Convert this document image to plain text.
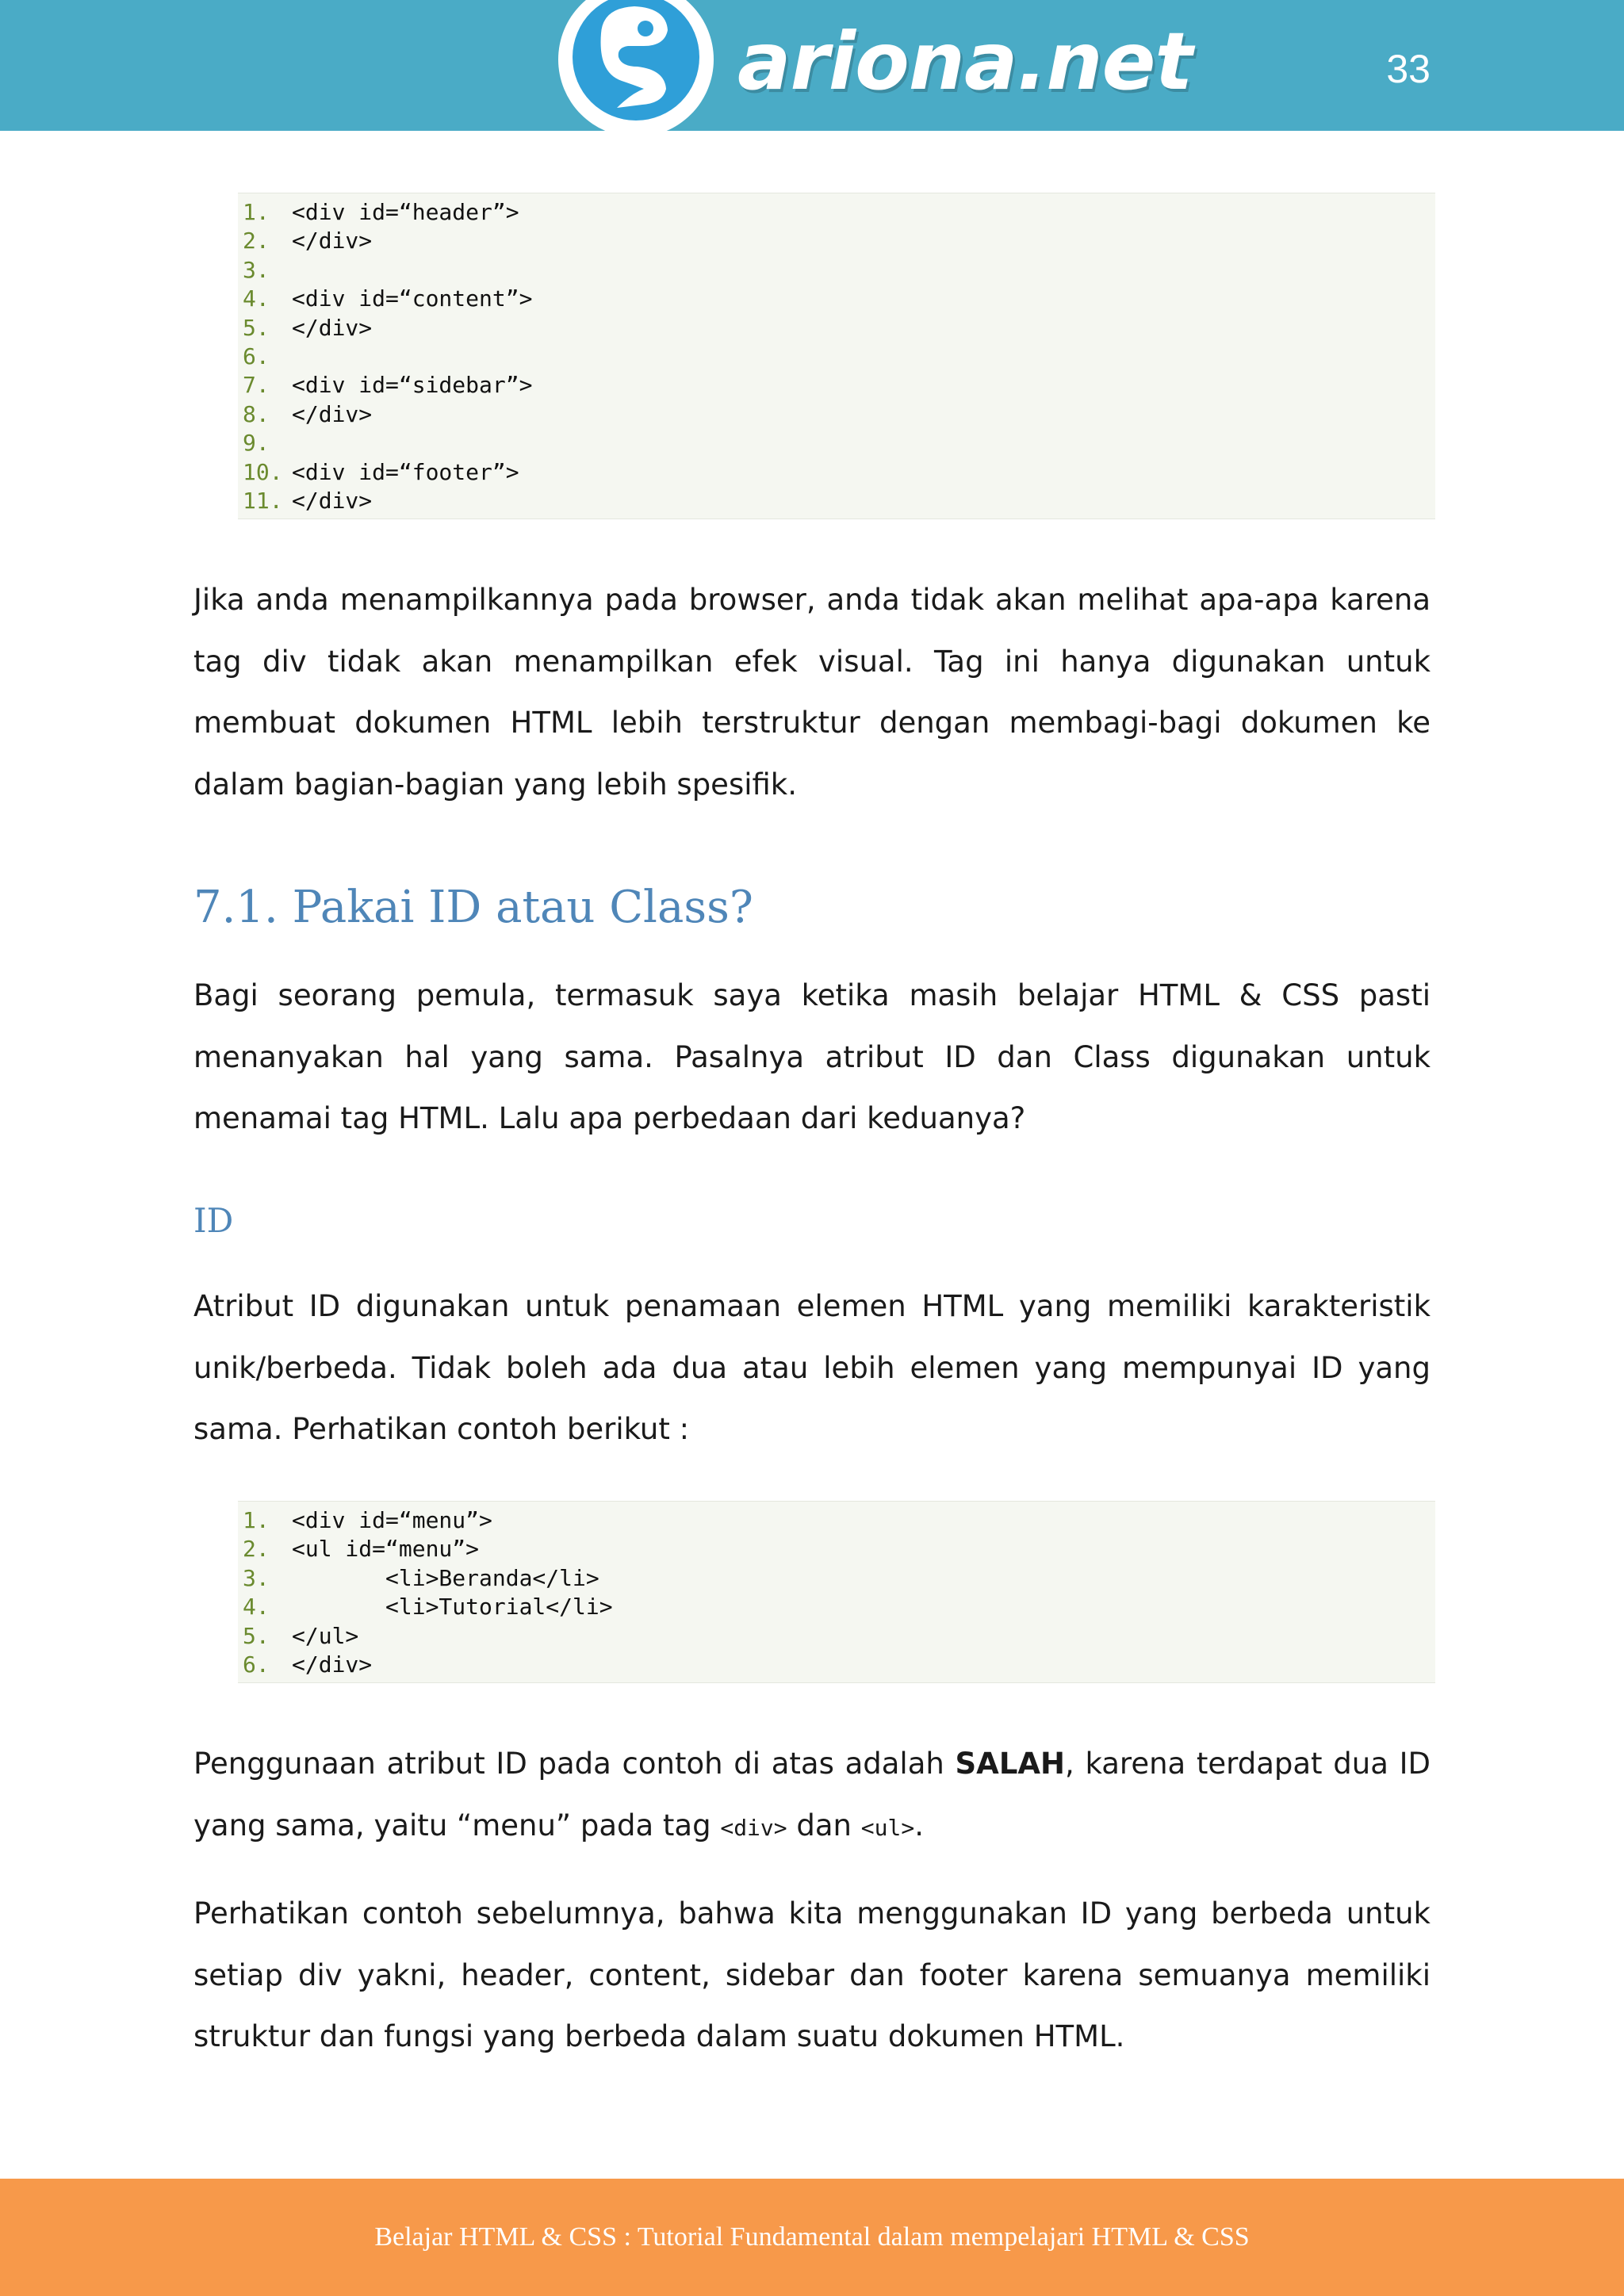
ariona.net	33
1.	<div id=“header”>
2.	</div>
3.
4.	<div id=“content”>
5.	</div>
6.
7.	<div id=“sidebar”>
8.	</div>
9.
10. <div id=“footer”>
11. </div>

Jika anda menampilkannya pada browser, anda tidak akan melihat apa-apa karena tag div tidak akan menampilkan efek visual. Tag ini hanya digunakan untuk membuat dokumen HTML lebih terstruktur dengan membagi-bagi dokumen ke dalam bagian-bagian yang lebih spesifik.

7.1. Pakai ID atau Class?

Bagi seorang pemula, termasuk saya ketika masih belajar HTML & CSS pasti menanyakan hal yang sama. Pasalnya atribut ID dan Class digunakan untuk menamai tag HTML. Lalu apa perbedaan dari keduanya?

ID

Atribut ID digunakan untuk penamaan elemen HTML yang memiliki karakteristik unik/berbeda. Tidak boleh ada dua atau lebih elemen yang mempunyai ID yang sama. Perhatikan contoh berikut :

1.	<div id=“menu”>
2.	<ul id=“menu”>
3.	<li>Beranda</li>
4.	<li>Tutorial</li>
5.	</ul>
6.	</div>

Penggunaan atribut ID pada contoh di atas adalah SALAH, karena terdapat dua ID yang sama, yaitu “menu” pada tag <div> dan <ul>.

Perhatikan contoh sebelumnya, bahwa kita menggunakan ID yang berbeda untuk setiap div yakni, header, content, sidebar dan footer karena semuanya memiliki struktur dan fungsi yang berbeda dalam suatu dokumen HTML.

Belajar HTML & CSS : Tutorial Fundamental dalam mempelajari HTML & CSS
